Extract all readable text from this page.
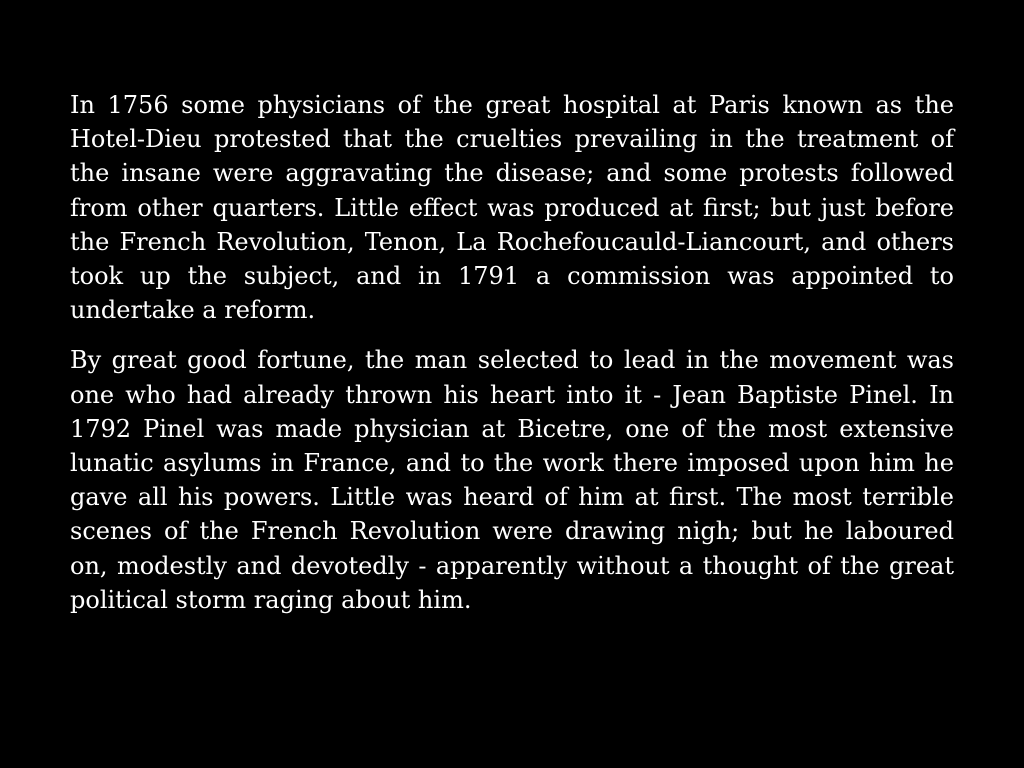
In 1756 some physicians of the great hospital at Paris known as the Hotel-Dieu protested that the cruelties prevailing in the treatment of the insane were aggravating the disease; and some protests followed from other quarters. Little effect was produced at first; but just before the French Revolution, Tenon, La Rochefoucauld-Liancourt, and others took up the subject, and in 1791 a commission was appointed to undertake a reform.

By great good fortune, the man selected to lead in the movement was one who had already thrown his heart into it - Jean Baptiste Pinel. In 1792 Pinel was made physician at Bicetre, one of the most extensive lunatic asylums in France, and to the work there imposed upon him he gave all his powers. Little was heard of him at first. The most terrible scenes of the French Revolution were drawing nigh; but he laboured on, modestly and devotedly - apparently without a thought of the great political storm raging about him.
